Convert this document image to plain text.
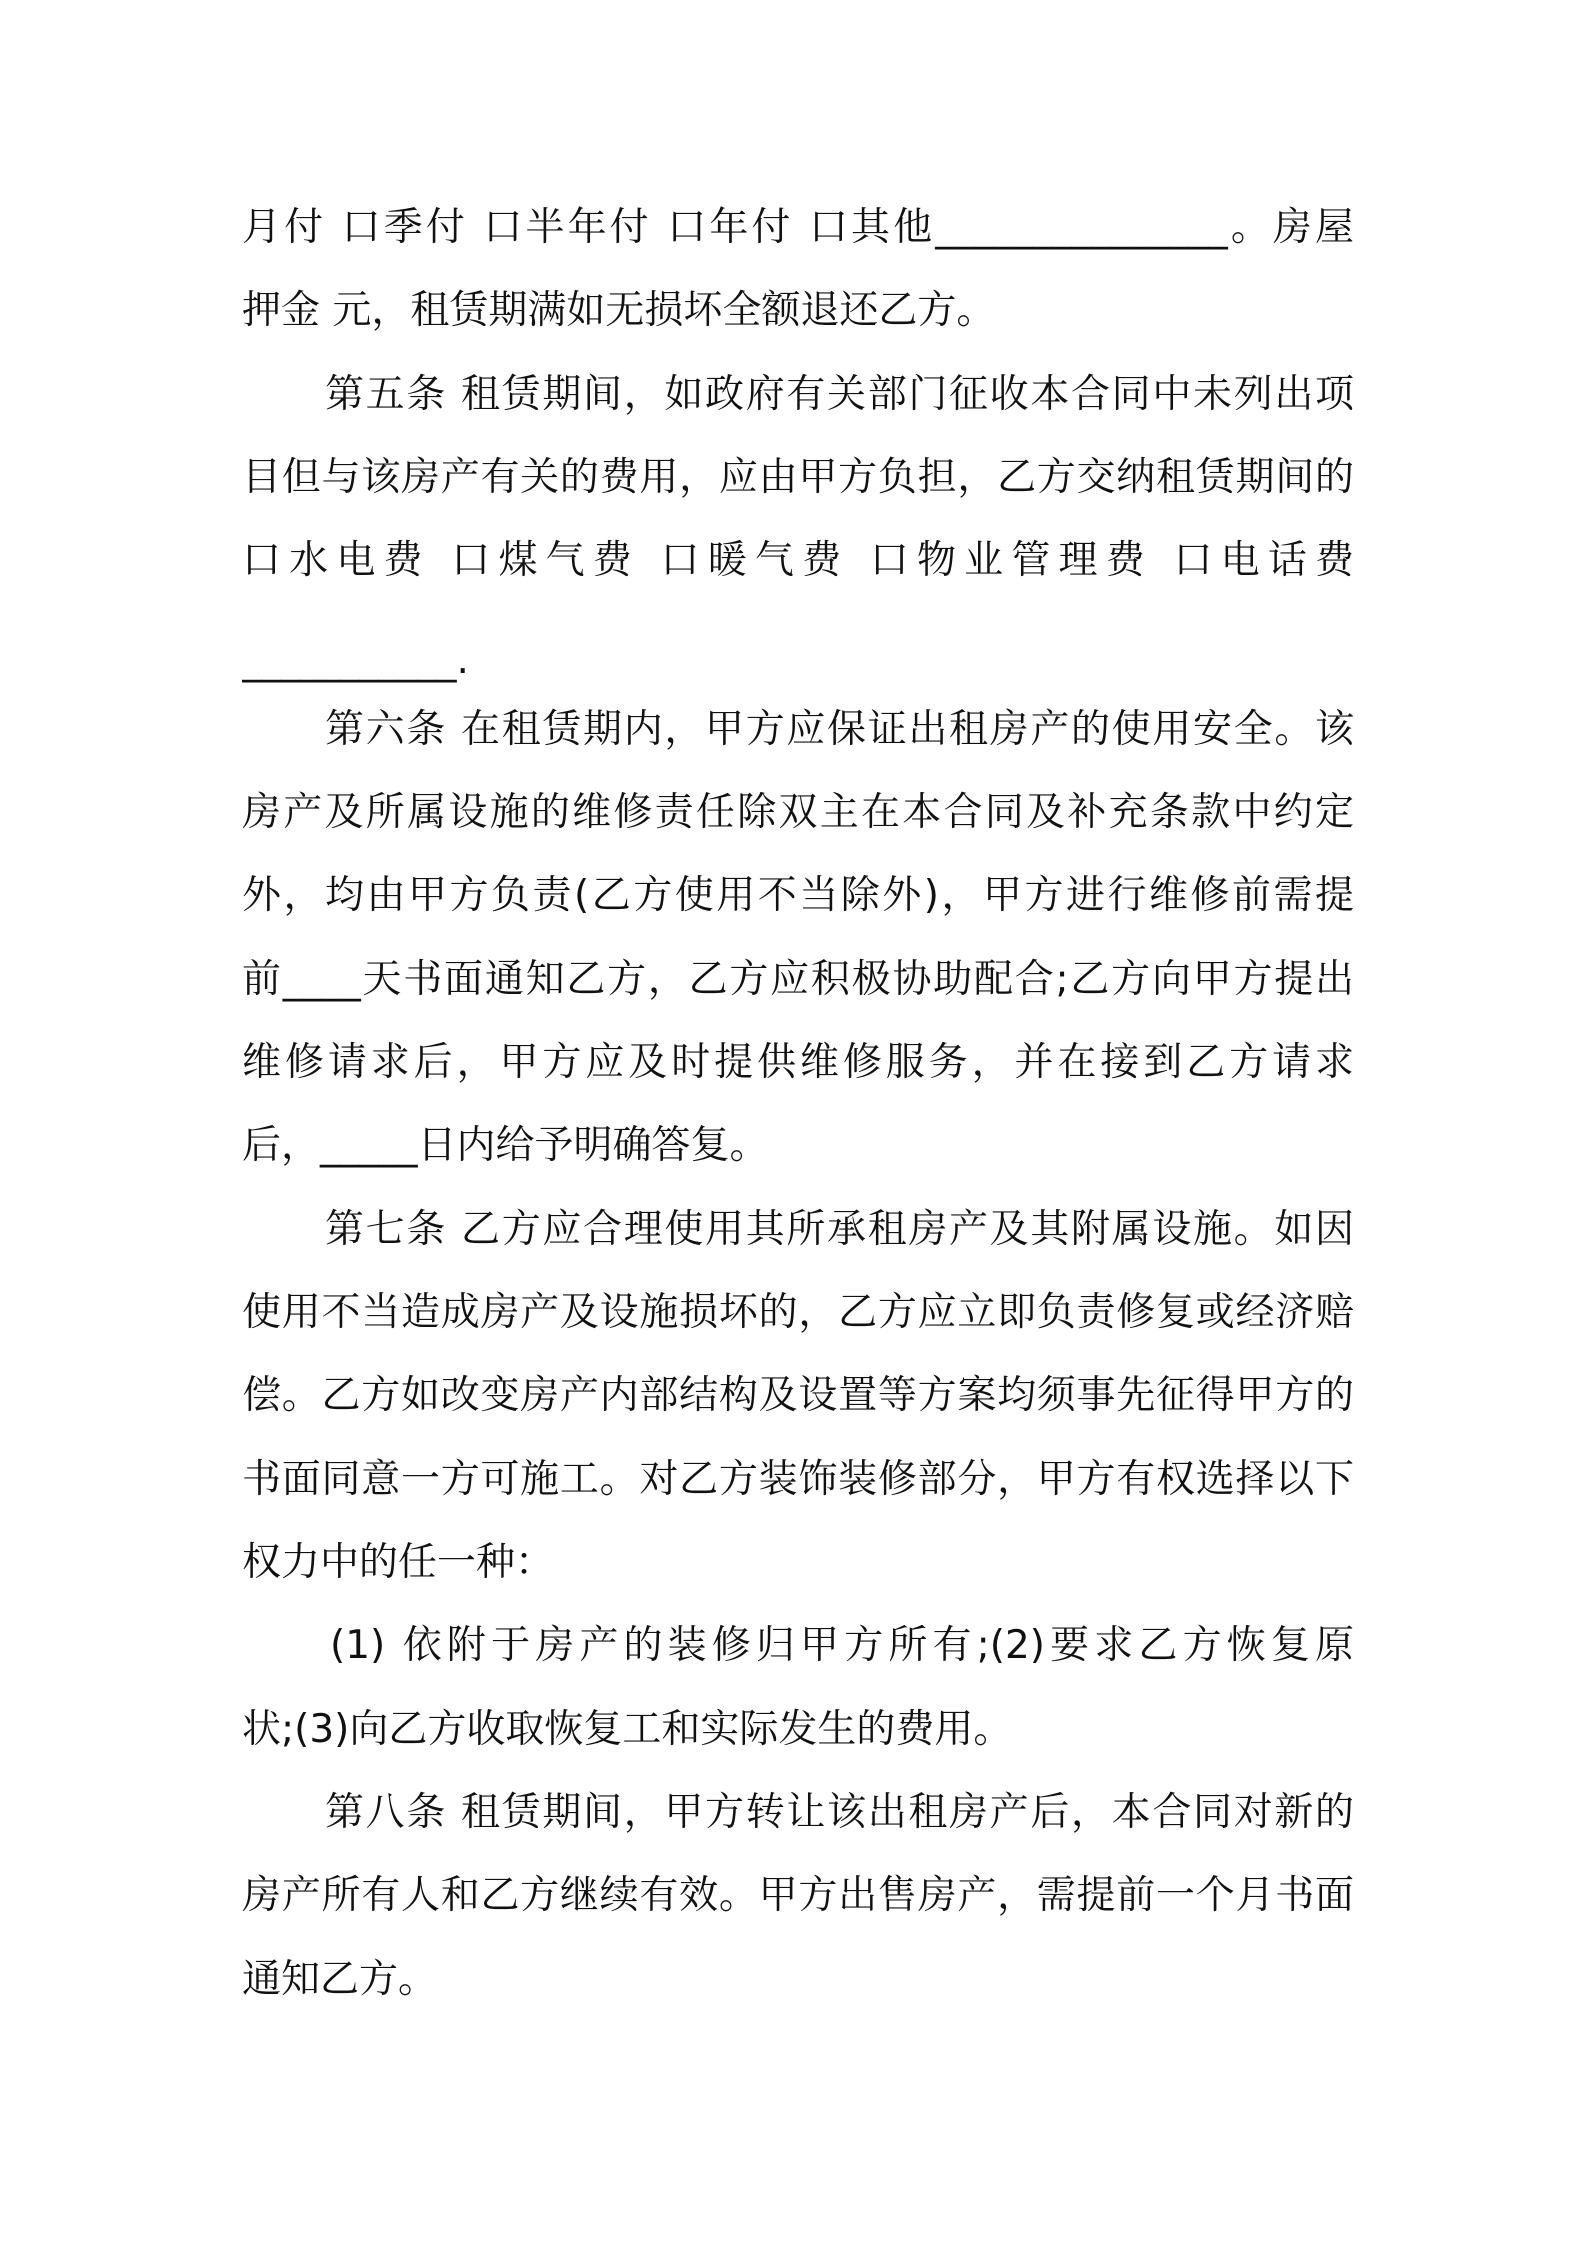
月付 口季付 口半年付 口年付 口其他_______________。房屋
押金 元，租赁期满如无损坏全额退还乙方。
第五条 租赁期间，如政府有关部门征收本合同中未列出项
目但与该房产有关的费用，应由甲方负担，乙方交纳租赁期间的
口水电费 口煤气费 口暖气费 口物业管理费 口电话费
___________.
第六条 在租赁期内，甲方应保证出租房产的使用安全。该
房产及所属设施的维修责任除双主在本合同及补充条款中约定
外，均由甲方负责(乙方使用不当除外)，甲方进行维修前需提
前____天书面通知乙方，乙方应积极协助配合;乙方向甲方提出
维修请求后，甲方应及时提供维修服务，并在接到乙方请求
后，_____日内给予明确答复。
第七条 乙方应合理使用其所承租房产及其附属设施。如因
使用不当造成房产及设施损坏的，乙方应立即负责修复或经济赔
偿。乙方如改变房产内部结构及设置等方案均须事先征得甲方的
书面同意一方可施工。对乙方装饰装修部分，甲方有权选择以下
权力中的任一种：
(1) 依附于房产的装修归甲方所有;(2)要求乙方恢复原
状;(3)向乙方收取恢复工和实际发生的费用。
第八条 租赁期间，甲方转让该出租房产后，本合同对新的
房产所有人和乙方继续有效。甲方出售房产，需提前一个月书面
通知乙方。
